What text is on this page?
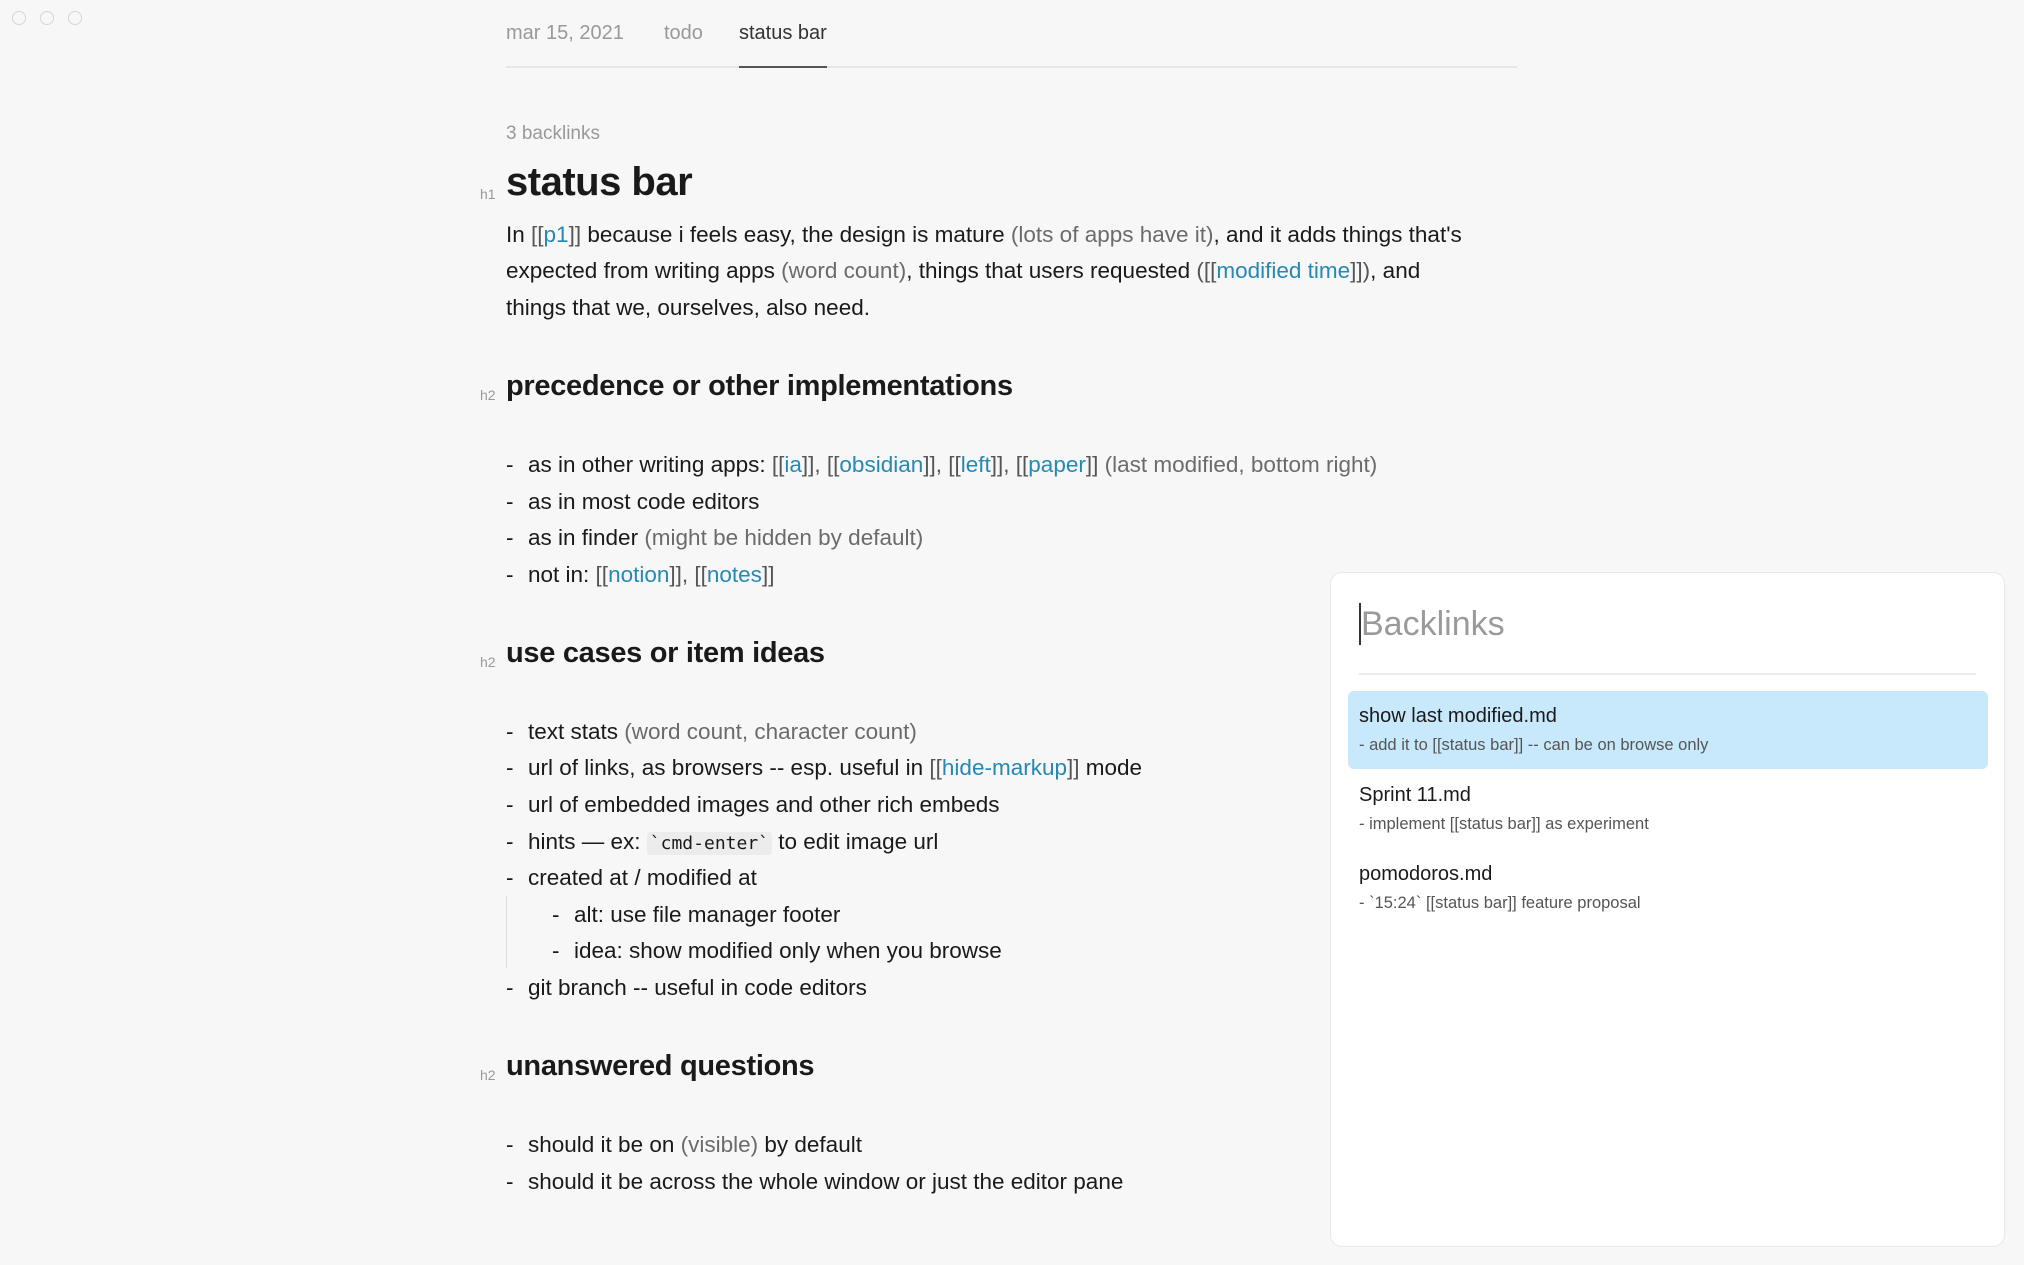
mar 15, 2021 todo status bar
3 backlinks
h1 status bar
In [[p1]] because i feels easy, the design is mature (lots of apps have it), and it adds things that's
expected from writing apps (word count), things that users requested ([[modified time]]), and
things that we, ourselves, also need.
h2 precedence or other implementations
- as in other writing apps: [[ia]], [[obsidian]], [[left]], [[paper]] (last modified, bottom right)
- as in most code editors
- as in finder (might be hidden by default)
- not in: [[notion]], [[notes]]
h2 use cases or item ideas
- text stats (word count, character count)
- url of links, as browsers -- esp. useful in [[hide-markup]] mode
- url of embedded images and other rich embeds
- hints — ex: `cmd-enter` to edit image url
- created at / modified at
- alt: use file manager footer
- idea: show modified only when you browse
- git branch -- useful in code editors
h2 unanswered questions
- should it be on (visible) by default
- should it be across the whole window or just the editor pane
Backlinks
show last modified.md
- add it to [[status bar]] -- can be on browse only
Sprint 11.md
- implement [[status bar]] as experiment
pomodoros.md
- `15:24` [[status bar]] feature proposal
